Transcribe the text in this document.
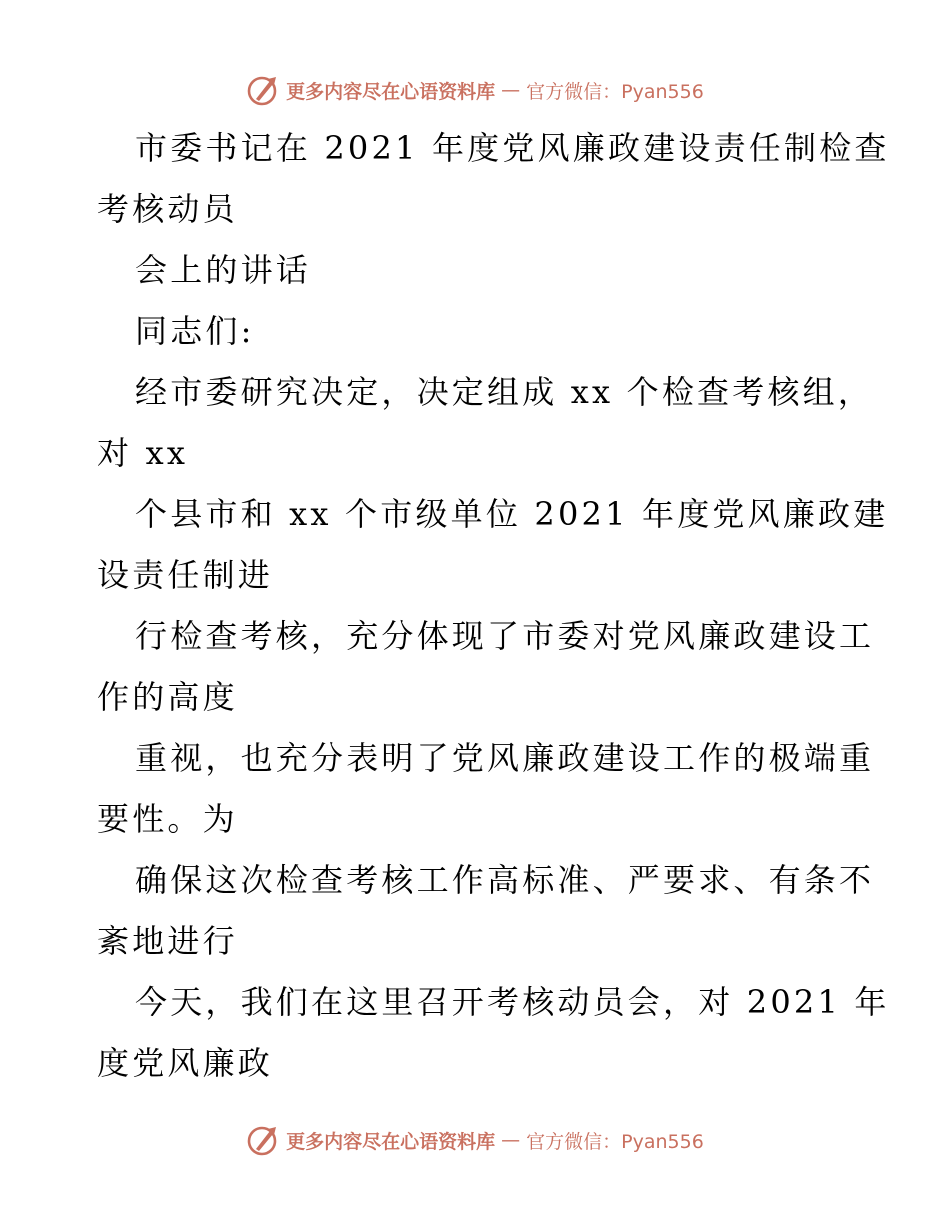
更多内容尽在心语资料库 — 官方微信：Pyan556
市委书记在 2021 年度党风廉政建设责任制检查
考核动员
会上的讲话
同志们:
经市委研究决定，决定组成 xx 个检查考核组，
对 xx
个县市和 xx 个市级单位 2021 年度党风廉政建
设责任制进
行检查考核，充分体现了市委对党风廉政建设工
作的高度
重视，也充分表明了党风廉政建设工作的极端重
要性。为
确保这次检查考核工作高标准、严要求、有条不
紊地进行
今天，我们在这里召开考核动员会，对 2021 年
度党风廉政
更多内容尽在心语资料库 — 官方微信：Pyan556
